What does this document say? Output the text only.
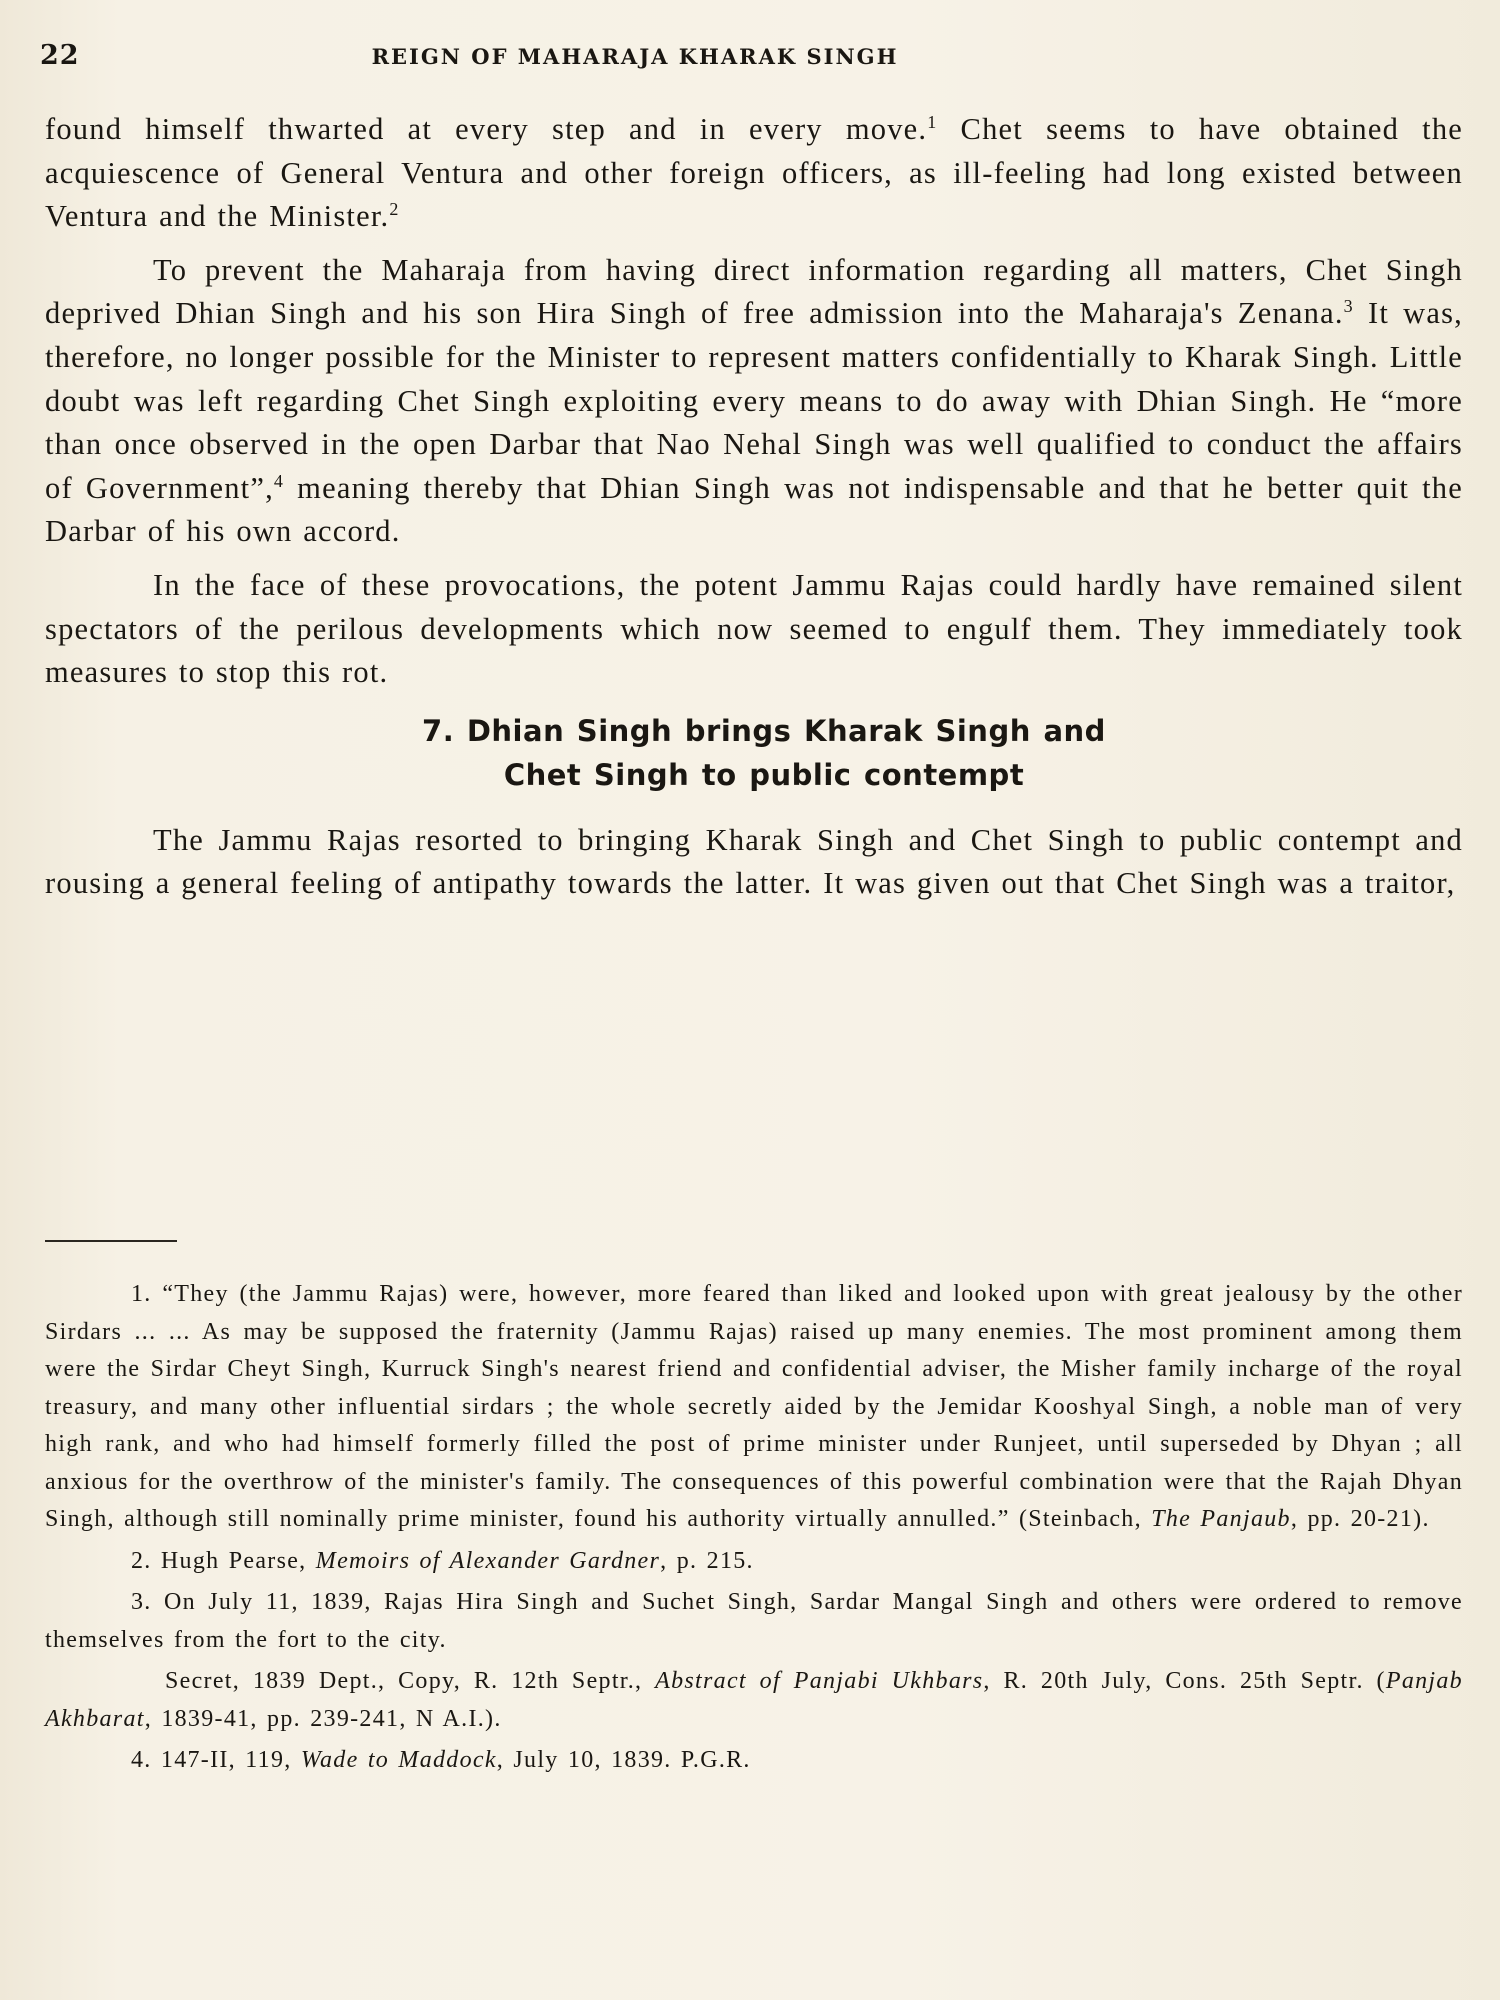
22	REIGN OF MAHARAJA KHARAK SINGH

found himself thwarted at every step and in every move.$^1$ Chet seems to have obtained the acquiescence of General Ventura and other foreign officers, as ill-feeling had long existed between Ventura and the Minister.$^2$

To prevent the Maharaja from having direct information regarding all matters, Chet Singh deprived Dhian Singh and his son Hira Singh of free admission into the Maharaja's Zenana.$^3$ It was, therefore, no longer possible for the Minister to represent matters confidentially to Kharak Singh. Little doubt was left regarding Chet Singh exploiting every means to do away with Dhian Singh. He “more than once observed in the open Darbar that Nao Nehal Singh was well qualified to conduct the affairs of Government”,$^4$ meaning thereby that Dhian Singh was not indispensable and that he better quit the Darbar of his own accord.

In the face of these provocations, the potent Jammu Rajas could hardly have remained silent spectators of the perilous developments which now seemed to engulf them. They immediately took measures to stop this rot.

7. Dhian Singh brings Kharak Singh and
Chet Singh to public contempt

The Jammu Rajas resorted to bringing Kharak Singh and Chet Singh to public contempt and rousing a general feeling of antipathy towards the latter. It was given out that Chet Singh was a traitor,

1. “They (the Jammu Rajas) were, however, more feared than liked and looked upon with great jealousy by the other Sirdars ... ... As may be supposed the fraternity (Jammu Rajas) raised up many enemies. The most prominent among them were the Sirdar Cheyt Singh, Kurruck Singh's nearest friend and confidential adviser, the Misher family incharge of the royal treasury, and many other influential sirdars ; the whole secretly aided by the Jemidar Kooshyal Singh, a noble man of very high rank, and who had himself formerly filled the post of prime minister under Runjeet, until superseded by Dhyan ; all anxious for the overthrow of the minister's family. The consequences of this powerful combination were that the Rajah Dhyan Singh, although still nominally prime minister, found his authority virtually annulled.” (Steinbach, The Panjaub, pp. 20-21).

2. Hugh Pearse, Memoirs of Alexander Gardner, p. 215.

3. On July 11, 1839, Rajas Hira Singh and Suchet Singh, Sardar Mangal Singh and others were ordered to remove themselves from the fort to the city.

Secret, 1839 Dept., Copy, R. 12th Septr., Abstract of Panjabi Ukhbars, R. 20th July, Cons. 25th Septr. (Panjab Akhbarat, 1839-41, pp. 239-241, N A.I.).

4. 147-II, 119, Wade to Maddock, July 10, 1839. P.G.R.
